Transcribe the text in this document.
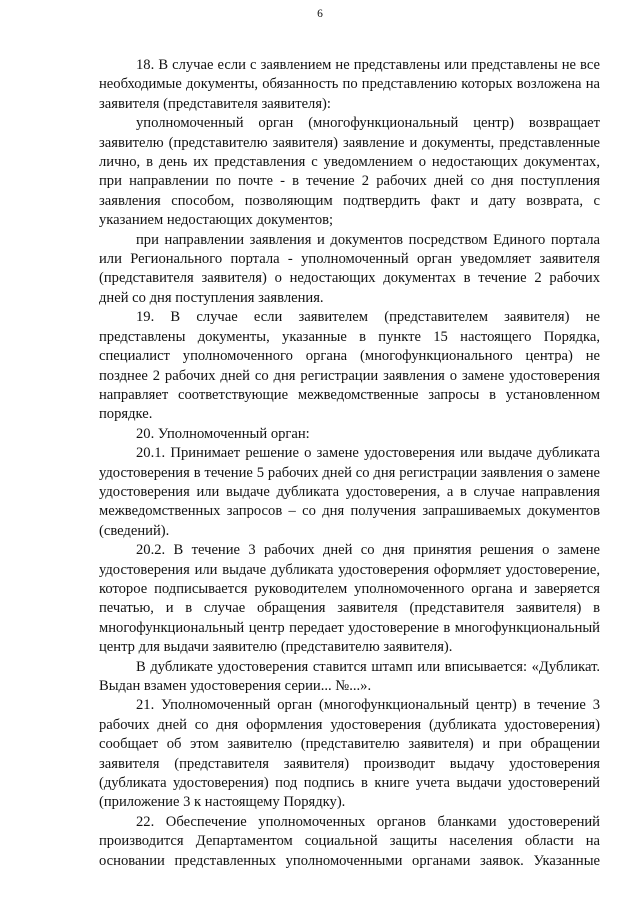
6

18. В случае если с заявлением не представлены или представлены не все необходимые документы, обязанность по представлению которых возложена на заявителя (представителя заявителя):

уполномоченный орган (многофункциональный центр) возвращает заявителю (представителю заявителя) заявление и документы, представленные лично, в день их представления с уведомлением о недостающих документах, при направлении по почте - в течение 2 рабочих дней со дня поступления заявления способом, позволяющим подтвердить факт и дату возврата, с указанием недостающих документов;

при направлении заявления и документов посредством Единого портала или Регионального портала - уполномоченный орган уведомляет заявителя (представителя заявителя) о недостающих документах в течение 2 рабочих дней со дня поступления заявления.

19. В случае если заявителем (представителем заявителя) не представлены документы, указанные в пункте 15 настоящего Порядка, специалист уполномоченного органа (многофункционального центра) не позднее 2 рабочих дней со дня регистрации заявления о замене удостоверения направляет соответствующие межведомственные запросы в установленном порядке.

20. Уполномоченный орган:

20.1. Принимает решение о замене удостоверения или выдаче дубликата удостоверения в течение 5 рабочих дней со дня регистрации заявления о замене удостоверения или выдаче дубликата удостоверения, а в случае направления межведомственных запросов – со дня получения запрашиваемых документов (сведений).

20.2. В течение 3 рабочих дней со дня принятия решения о замене удостоверения или выдаче дубликата удостоверения оформляет удостоверение, которое подписывается руководителем уполномоченного органа и заверяется печатью, и в случае обращения заявителя (представителя заявителя) в многофункциональный центр передает удостоверение в многофункциональный центр для выдачи заявителю (представителю заявителя).

В дубликате удостоверения ставится штамп или вписывается: «Дубликат. Выдан взамен удостоверения серии... №...».

21. Уполномоченный орган (многофункциональный центр) в течение 3 рабочих дней со дня оформления удостоверения (дубликата удостоверения) сообщает об этом заявителю (представителю заявителя) и при обращении заявителя (представителя заявителя) производит выдачу удостоверения (дубликата удостоверения) под подпись в книге учета выдачи удостоверений (приложение 3 к настоящему Порядку).

22. Обеспечение уполномоченных органов бланками удостоверений производится Департаментом социальной защиты населения области на основании представленных уполномоченными органами заявок. Указанные
